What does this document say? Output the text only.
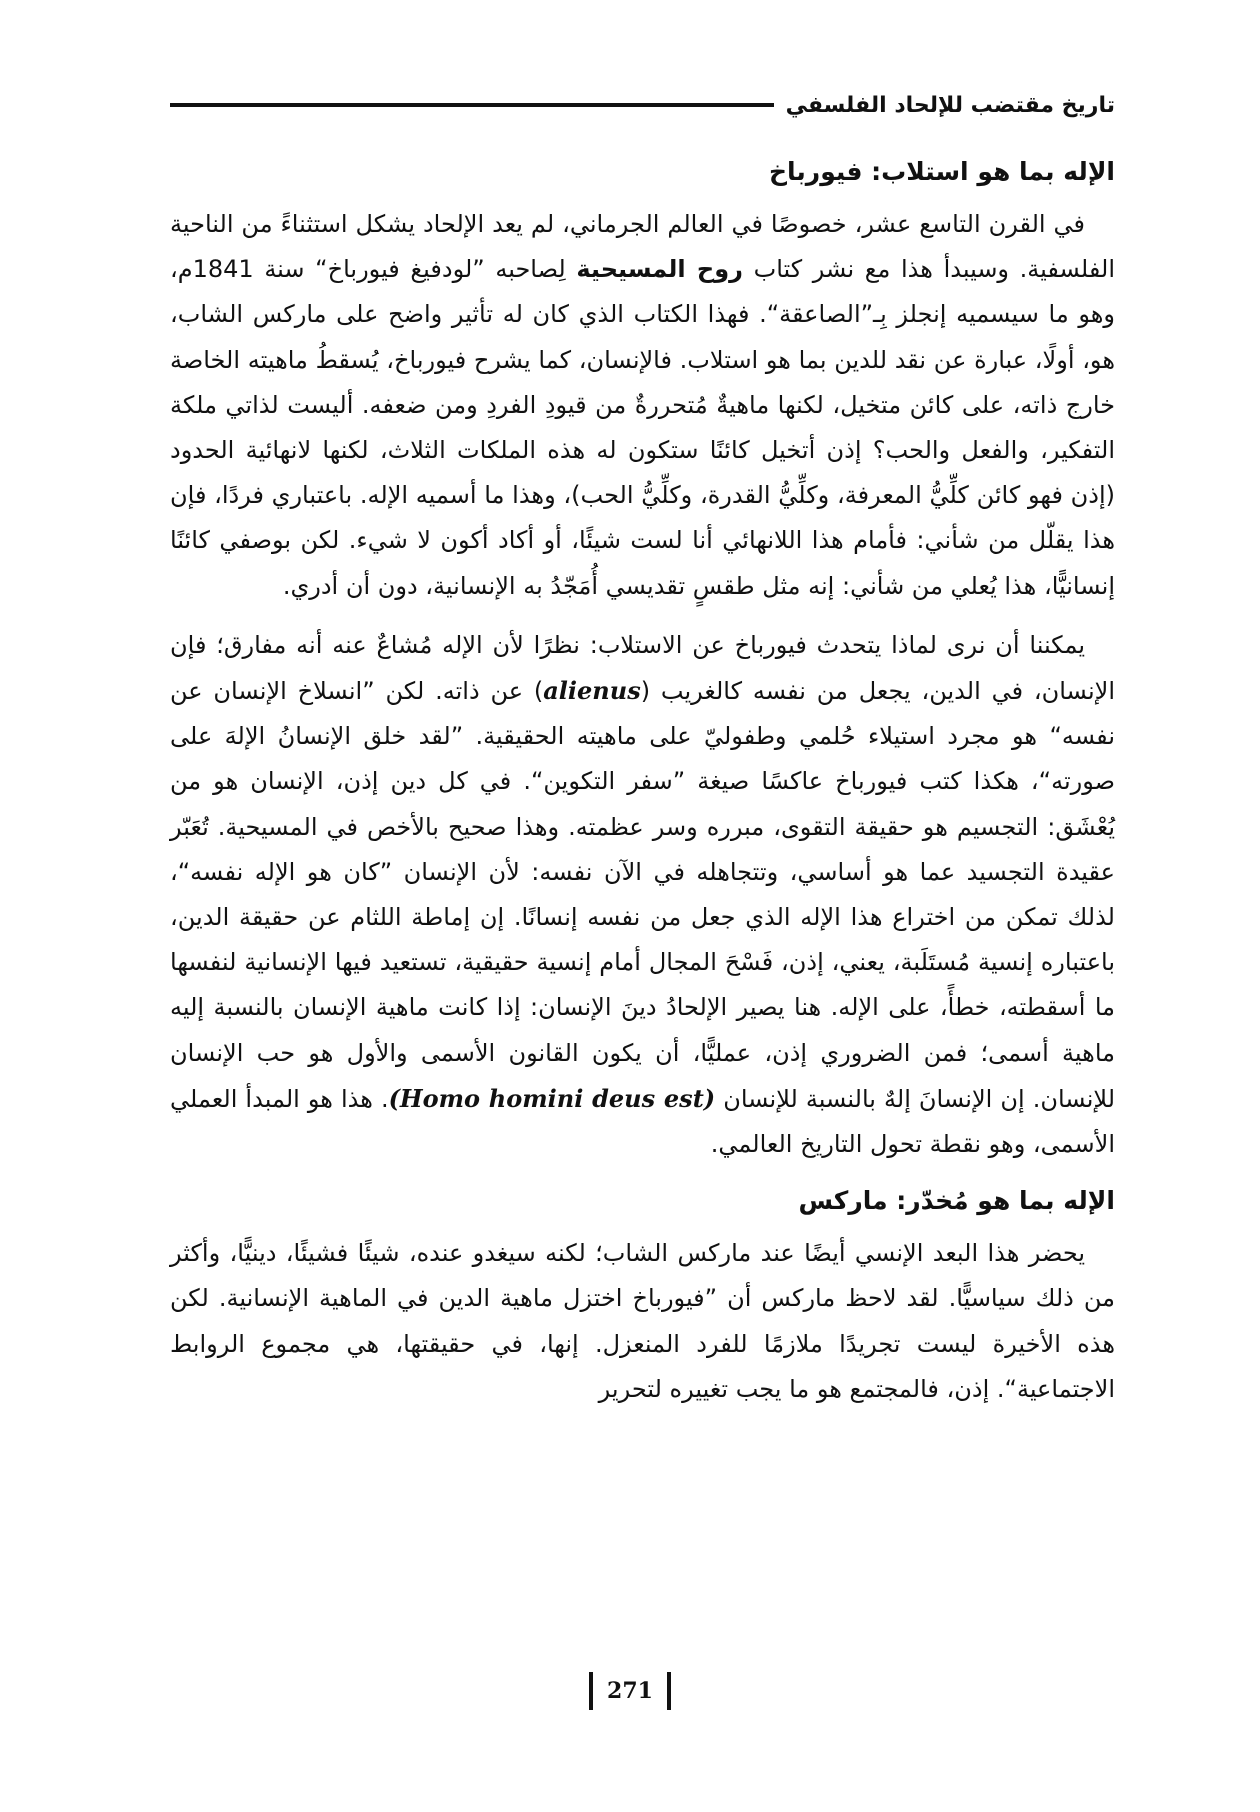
تاريخ مقتضب للإلحاد الفلسفي
الإله بما هو استلاب: فيورباخ

في القرن التاسع عشر، خصوصًا في العالم الجرماني، لم يعد الإلحاد يشكل استثناءً من الناحية الفلسفية. وسيبدأ هذا مع نشر كتاب روح المسيحية لِصاحبه ”لودفيغ فيورباخ“ سنة 1841م، وهو ما سيسميه إنجلز بِـ”الصاعقة“. فهذا الكتاب الذي كان له تأثير واضح على ماركس الشاب، هو، أولًا، عبارة عن نقد للدين بما هو استلاب. فالإنسان، كما يشرح فيورباخ، يُسقطُ ماهيته الخاصة خارج ذاته، على كائن متخيل، لكنها ماهيةٌ مُتحررةٌ من قيودِ الفردِ ومن ضعفه. أليست لذاتي ملكة التفكير، والفعل والحب؟ إذن أتخيل كائنًا ستكون له هذه الملكات الثلاث، لكنها لانهائية الحدود (إذن فهو كائن كلِّيُّ المعرفة، وكلِّيُّ القدرة، وكلِّيُّ الحب)، وهذا ما أسميه الإله. باعتباري فردًا، فإن هذا يقلّل من شأني: فأمام هذا اللانهائي أنا لست شيئًا، أو أكاد أكون لا شيء. لكن بوصفي كائنًا إنسانيًّا، هذا يُعلي من شأني: إنه مثل طقسٍ تقديسي أُمَجّدُ به الإنسانية، دون أن أدري.

يمكننا أن نرى لماذا يتحدث فيورباخ عن الاستلاب: نظرًا لأن الإله مُشاعٌ عنه أنه مفارق؛ فإن الإنسان، في الدين، يجعل من نفسه كالغريب (alienus) عن ذاته. لكن ”انسلاخ الإنسان عن نفسه“ هو مجرد استيلاء حُلمي وطفوليّ على ماهيته الحقيقية. ”لقد خلق الإنسانُ الإلهَ على صورته“، هكذا كتب فيورباخ عاكسًا صيغة ”سفر التكوين“. في كل دين إذن، الإنسان هو من يُعْشَق: التجسيم هو حقيقة التقوى، مبرره وسر عظمته. وهذا صحيح بالأخص في المسيحية. تُعَبّر عقيدة التجسيد عما هو أساسي، وتتجاهله في الآن نفسه: لأن الإنسان ”كان هو الإله نفسه“، لذلك تمكن من اختراع هذا الإله الذي جعل من نفسه إنسانًا. إن إماطة اللثام عن حقيقة الدين، باعتباره إنسية مُستَلَبة، يعني، إذن، فَسْحَ المجال أمام إنسية حقيقية، تستعيد فيها الإنسانية لنفسها ما أسقطته، خطأً، على الإله. هنا يصير الإلحادُ دينَ الإنسان: إذا كانت ماهية الإنسان بالنسبة إليه ماهية أسمى؛ فمن الضروري إذن، عمليًّا، أن يكون القانون الأسمى والأول هو حب الإنسان للإنسان. إن الإنسانَ إلهٌ بالنسبة للإنسان (Homo homini deus est). هذا هو المبدأ العملي الأسمى، وهو نقطة تحول التاريخ العالمي.

الإله بما هو مُخدّر: ماركس

يحضر هذا البعد الإنسي أيضًا عند ماركس الشاب؛ لكنه سيغدو عنده، شيئًا فشيئًا، دينيًّا، وأكثر من ذلك سياسيًّا. لقد لاحظ ماركس أن ”فيورباخ اختزل ماهية الدين في الماهية الإنسانية. لكن هذه الأخيرة ليست تجريدًا ملازمًا للفرد المنعزل. إنها، في حقيقتها، هي مجموع الروابط الاجتماعية“. إذن، فالمجتمع هو ما يجب تغييره لتحرير

271
